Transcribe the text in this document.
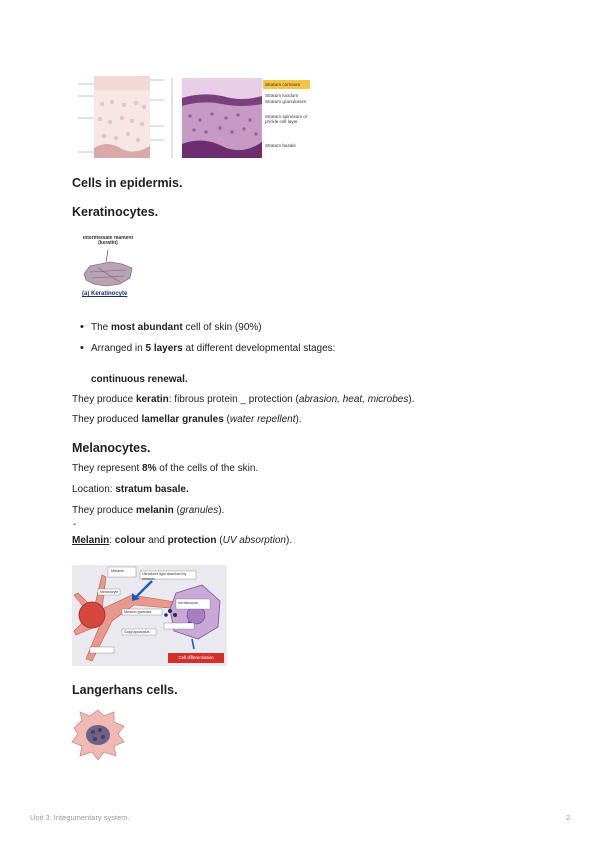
Stratum corneum
Stratum lucidum
Stratum granulosum
Stratum spinosum or prickle cell layer
Stratum basale
Cells in epidermis.
Keratinocytes.
Intermediate filament (keratin)
(a) Keratinocyte
• The most abundant cell of skin (90%)
• Arranged in 5 layers at different developmental stages:
continuous renewal.
They produce keratin: fibrous protein _ protection (abrasion, heat, microbes).
They produced lamellar granules (water repellent).
Melanocytes.
They represent 8% of the cells of the skin.
Location: stratum basale.
They produce melanin (granules).
-
Melanin: colour and protection (UV absorption).
Melanin
Ultraviolet light absorbed by melanin
Melanocyte
Keratinocyte
Melanin granules
Golgi apparatus
Cell differentiation
Langerhans cells.
Unit 3: Integumentary system.	2
